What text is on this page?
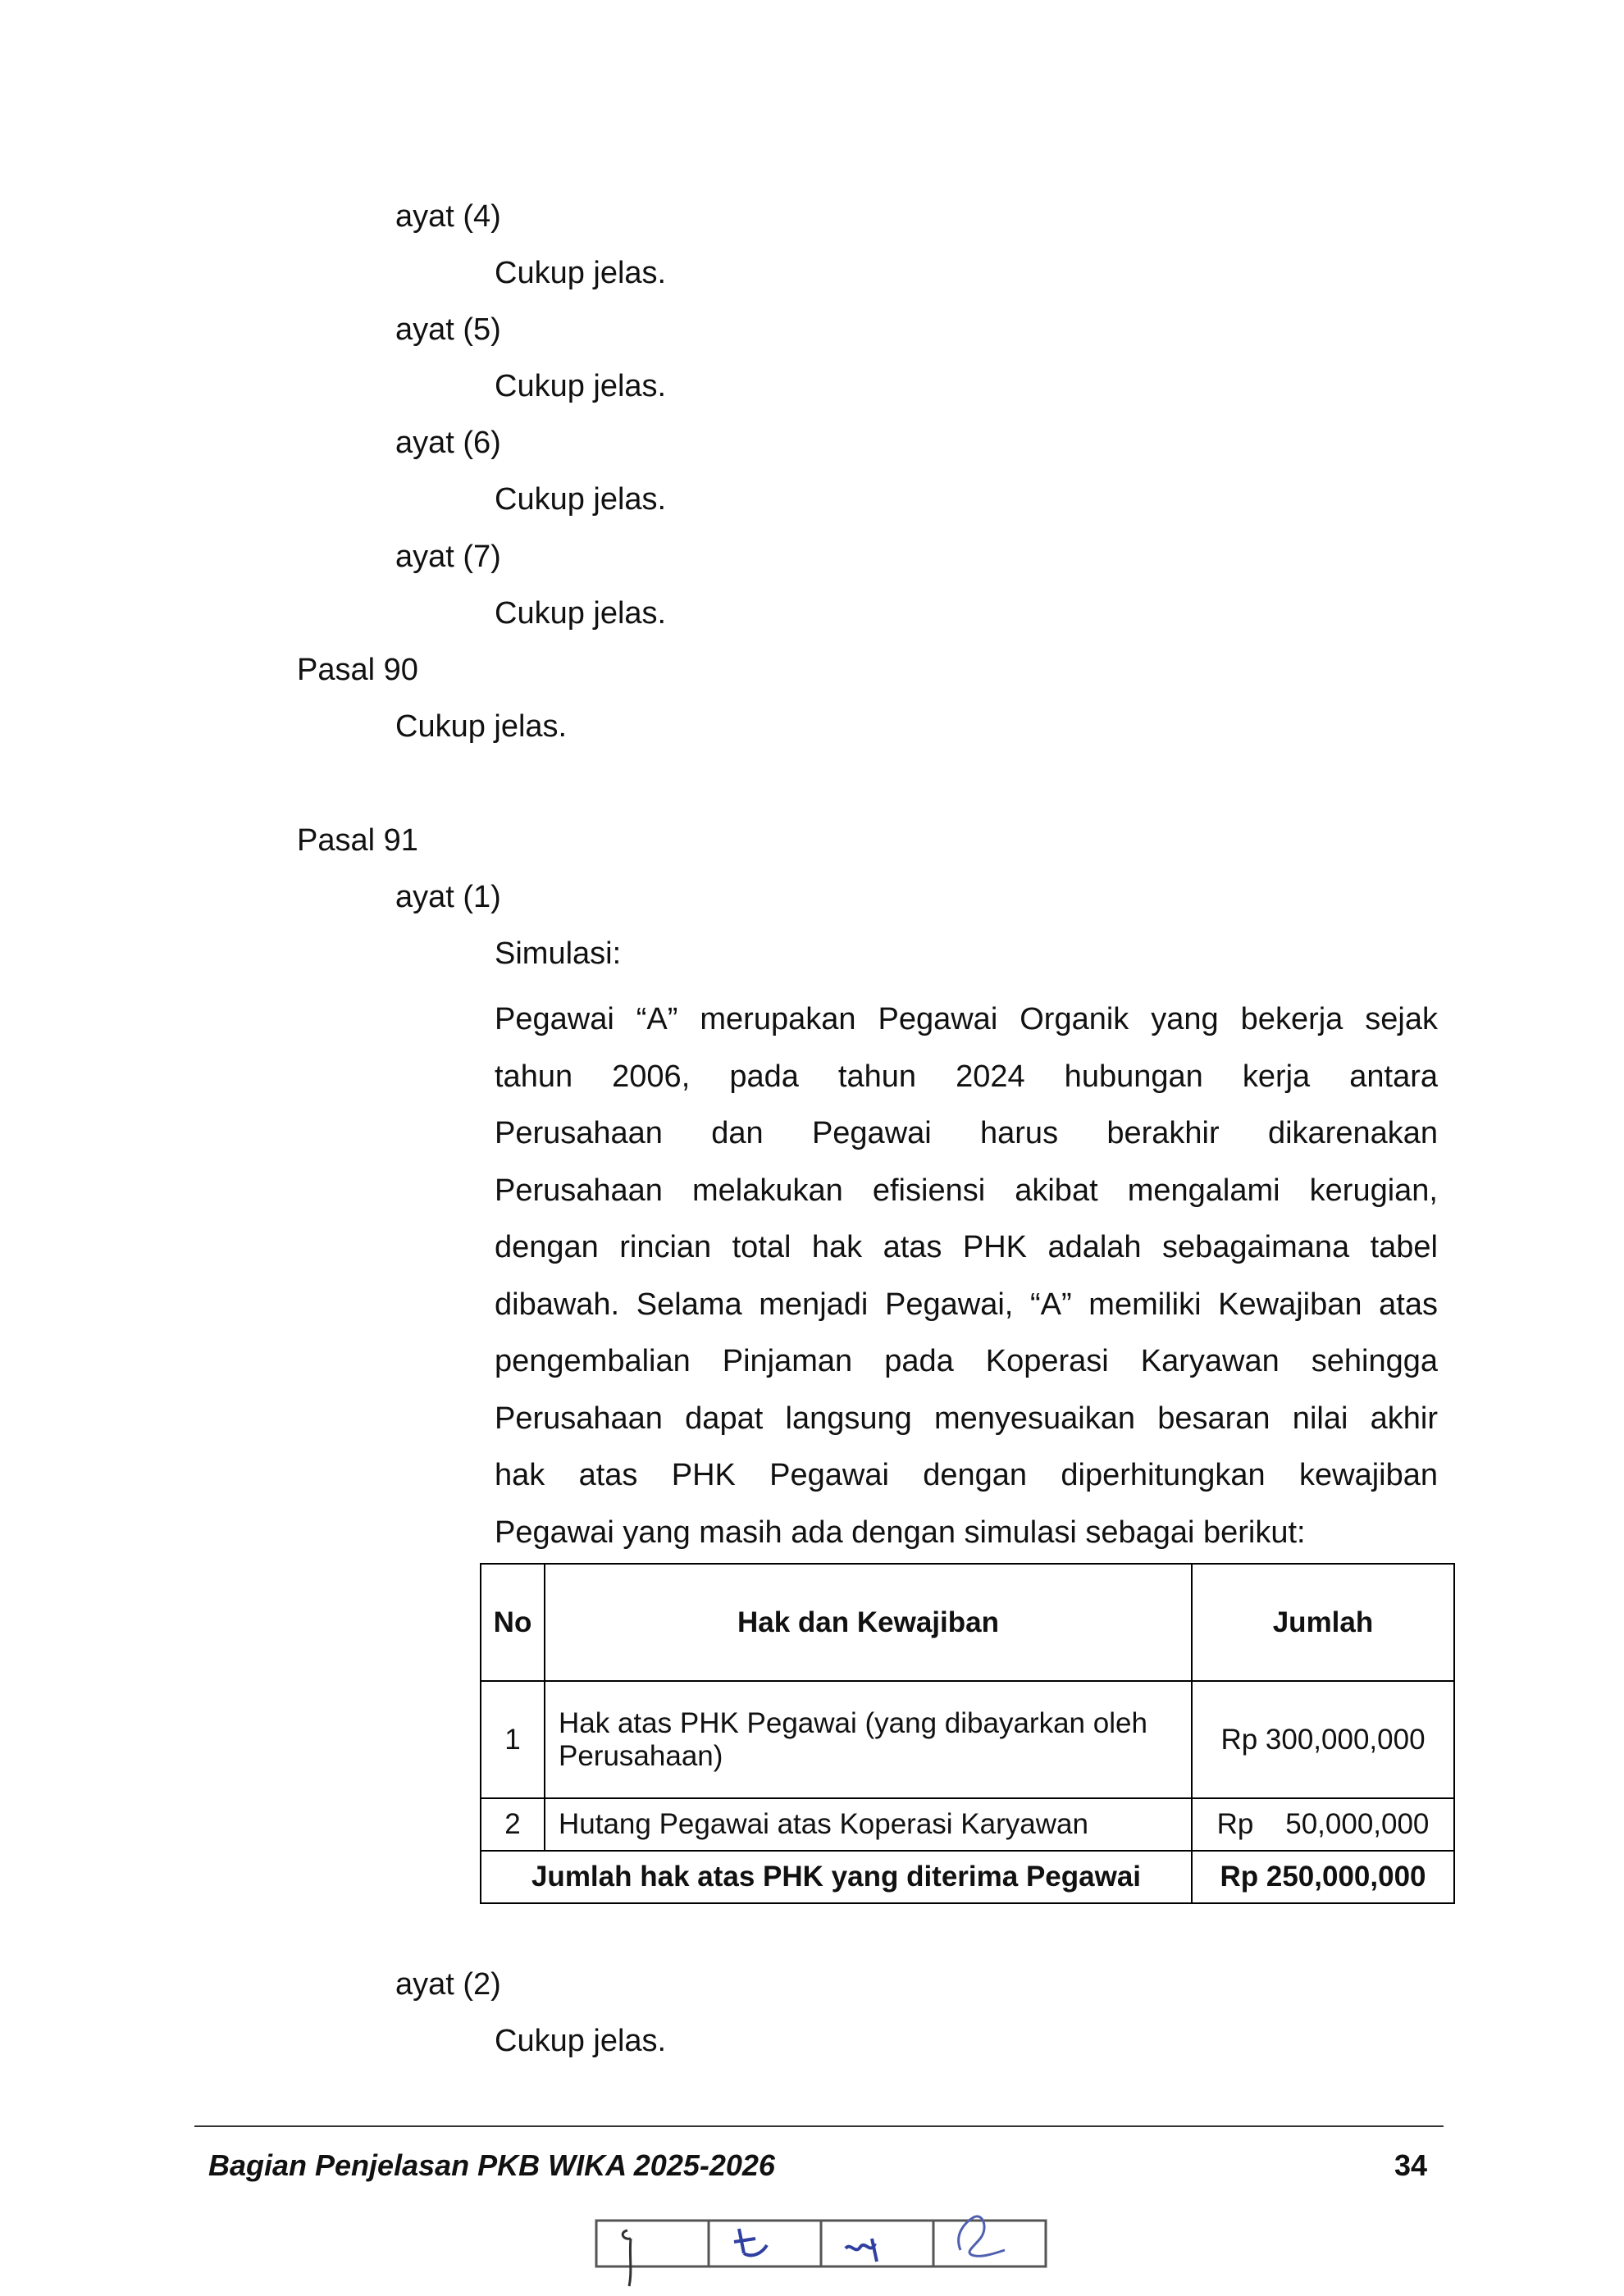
ayat (4)
Cukup jelas.
ayat (5)
Cukup jelas.
ayat (6)
Cukup jelas.
ayat (7)
Cukup jelas.
Pasal 90
Cukup jelas.
Pasal 91
ayat (1)
Simulasi:
Pegawai “A” merupakan Pegawai Organik yang bekerja sejak
tahun 2006, pada tahun 2024 hubungan kerja antara
Perusahaan dan Pegawai harus berakhir dikarenakan
Perusahaan melakukan efisiensi akibat mengalami kerugian,
dengan rincian total hak atas PHK adalah sebagaimana tabel
dibawah. Selama menjadi Pegawai, “A” memiliki Kewajiban atas
pengembalian Pinjaman pada Koperasi Karyawan sehingga
Perusahaan dapat langsung menyesuaikan besaran nilai akhir
hak atas PHK Pegawai dengan diperhitungkan kewajiban
Pegawai yang masih ada dengan simulasi sebagai berikut:
No	Hak dan Kewajiban	Jumlah
1	Hak atas PHK Pegawai (yang dibayarkan oleh Perusahaan)	Rp 300,000,000
2	Hutang Pegawai atas Koperasi Karyawan	Rp    50,000,000
Jumlah hak atas PHK yang diterima Pegawai		Rp 250,000,000
ayat (2)
Cukup jelas.
Bagian Penjelasan PKB WIKA 2025-2026	34
